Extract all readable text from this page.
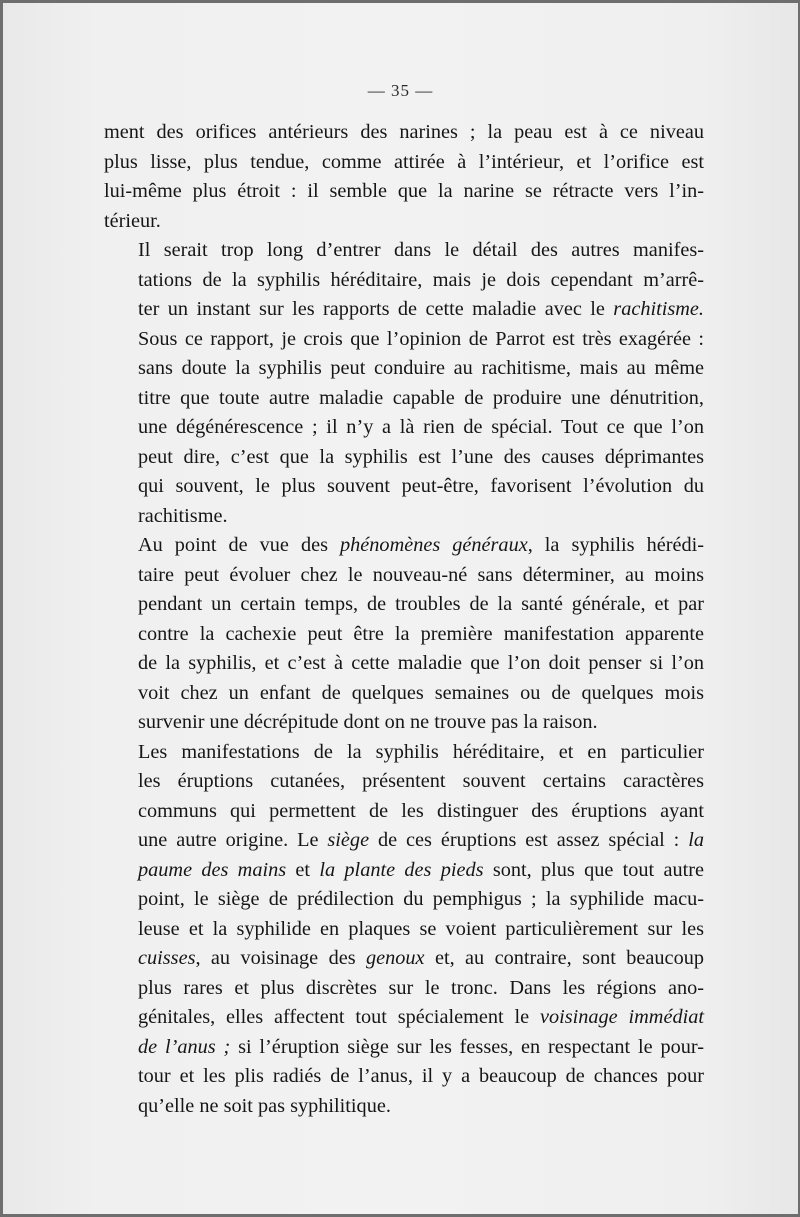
— 35 —

ment des orifices antérieurs des narines ; la peau est à ce niveau
plus lisse, plus tendue, comme attirée à l’intérieur, et l’orifice est
lui-même plus étroit : il semble que la narine se rétracte vers l’in-
térieur.

Il serait trop long d’entrer dans le détail des autres manifes-
tations de la syphilis héréditaire, mais je dois cependant m’arrê-
ter un instant sur les rapports de cette maladie avec le rachitisme.
Sous ce rapport, je crois que l’opinion de Parrot est très exagérée :
sans doute la syphilis peut conduire au rachitisme, mais au même
titre que toute autre maladie capable de produire une dénutrition,
une dégénérescence ; il n’y a là rien de spécial. Tout ce que l’on
peut dire, c’est que la syphilis est l’une des causes déprimantes
qui souvent, le plus souvent peut-être, favorisent l’évolution du
rachitisme.

Au point de vue des phénomènes généraux, la syphilis hérédi-
taire peut évoluer chez le nouveau-né sans déterminer, au moins
pendant un certain temps, de troubles de la santé générale, et par
contre la cachexie peut être la première manifestation apparente
de la syphilis, et c’est à cette maladie que l’on doit penser si l’on
voit chez un enfant de quelques semaines ou de quelques mois
survenir une décrépitude dont on ne trouve pas la raison.

Les manifestations de la syphilis héréditaire, et en particulier
les éruptions cutanées, présentent souvent certains caractères
communs qui permettent de les distinguer des éruptions ayant
une autre origine. Le siège de ces éruptions est assez spécial : la
paume des mains et la plante des pieds sont, plus que tout autre
point, le siège de prédilection du pemphigus ; la syphilide macu-
leuse et la syphilide en plaques se voient particulièrement sur les
cuisses, au voisinage des genoux et, au contraire, sont beaucoup
plus rares et plus discrètes sur le tronc. Dans les régions ano-
génitales, elles affectent tout spécialement le voisinage immédiat
de l’anus ; si l’éruption siège sur les fesses, en respectant le pour-
tour et les plis radiés de l’anus, il y a beaucoup de chances pour
qu’elle ne soit pas syphilitique.
